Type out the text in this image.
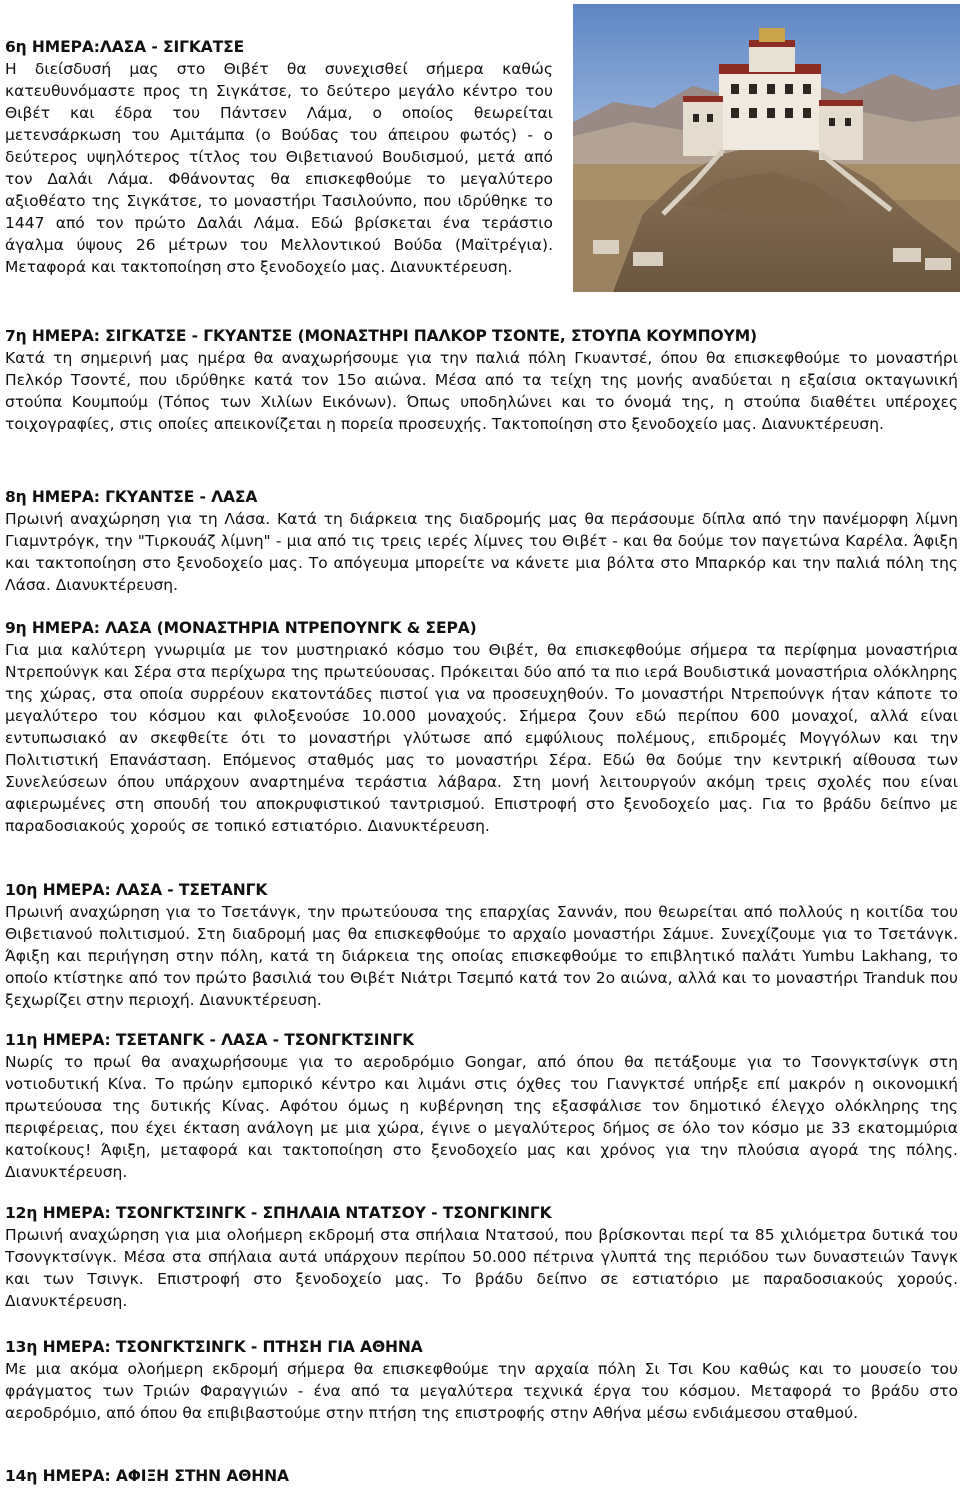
6η ΗΜΕΡΑ:ΛΑΣΑ - ΣΙΓΚΑΤΣΕ

Η διείσδυσή μας στο Θιβέτ θα συνεχισθεί σήμερα καθώς κατευθυνόμαστε προς τη Σιγκάτσε, το δεύτερο μεγάλο κέντρο του Θιβέτ και έδρα του Πάντσεν Λάμα, ο οποίος θεωρείται μετενσάρκωση του Αμιτάμπα (ο Βούδας του άπειρου φωτός) - ο δεύτερος υψηλότερος τίτλος του Θιβετιανού Βουδισμού, μετά από τον Δαλάι Λάμα. Φθάνοντας θα επισκεφθούμε το μεγαλύτερο αξιοθέατο της Σιγκάτσε, το μοναστήρι Τασιλούνπο, που ιδρύθηκε το 1447 από τον πρώτο Δαλάι Λάμα. Εδώ βρίσκεται ένα τεράστιο άγαλμα ύψους 26 μέτρων του Μελλοντικού Βούδα (Μαϊτρέγια). Μεταφορά και τακτοποίηση στο ξενοδοχείο μας. Διανυκτέρευση.

7η ΗΜΕΡΑ: ΣΙΓΚΑΤΣΕ - ΓΚΥΑΝΤΣΕ (ΜΟΝΑΣΤΗΡΙ ΠΑΛΚΟΡ ΤΣΟΝΤΕ, ΣΤΟΥΠΑ ΚΟΥΜΠΟΥΜ)

Κατά τη σημερινή μας ημέρα θα αναχωρήσουμε για την παλιά πόλη Γκυαντσέ, όπου θα επισκεφθούμε το μοναστήρι Πελκόρ Τσοντέ, που ιδρύθηκε κατά τον 15ο αιώνα. Μέσα από τα τείχη της μονής αναδύεται η εξαίσια οκταγωνική στούπα Κουμπούμ (Τόπος των Χιλίων Εικόνων). Όπως υποδηλώνει και το όνομά της, η στούπα διαθέτει υπέροχες τοιχογραφίες, στις οποίες απεικονίζεται η πορεία προσευχής. Τακτοποίηση στο ξενοδοχείο μας. Διανυκτέρευση.

8η ΗΜΕΡΑ: ΓΚΥΑΝΤΣΕ - ΛΑΣΑ

Πρωινή αναχώρηση για τη Λάσα. Κατά τη διάρκεια της διαδρομής μας θα περάσουμε δίπλα από την πανέμορφη λίμνη Γιαμντρόγκ, την "Τιρκουάζ λίμνη" - μια από τις τρεις ιερές λίμνες του Θιβέτ - και θα δούμε τον παγετώνα Καρέλα. Άφιξη και τακτοποίηση στο ξενοδοχείο μας. Το απόγευμα μπορείτε να κάνετε μια βόλτα στο Μπαρκόρ και την παλιά πόλη της Λάσα. Διανυκτέρευση.

9η ΗΜΕΡΑ: ΛΑΣΑ (ΜΟΝΑΣΤΗΡΙΑ ΝΤΡΕΠΟΥΝΓΚ & ΣΕΡΑ)

Για μια καλύτερη γνωριμία με τον μυστηριακό κόσμο του Θιβέτ, θα επισκεφθούμε σήμερα τα περίφημα μοναστήρια Ντρεπούνγκ και Σέρα στα περίχωρα της πρωτεύουσας. Πρόκειται δύο από τα πιο ιερά Βουδιστικά μοναστήρια ολόκληρης της χώρας, στα οποία συρρέουν εκατοντάδες πιστοί για να προσευχηθούν. Το μοναστήρι Ντρεπούνγκ ήταν κάποτε το μεγαλύτερο του κόσμου και φιλοξενούσε 10.000 μοναχούς. Σήμερα ζουν εδώ περίπου 600 μοναχοί, αλλά είναι εντυπωσιακό αν σκεφθείτε ότι το μοναστήρι γλύτωσε από εμφύλιους πολέμους, επιδρομές Μογγόλων και την Πολιτιστική Επανάσταση. Επόμενος σταθμός μας το μοναστήρι Σέρα. Εδώ θα δούμε την κεντρική αίθουσα των Συνελεύσεων όπου υπάρχουν αναρτημένα τεράστια λάβαρα. Στη μονή λειτουργούν ακόμη τρεις σχολές που είναι αφιερωμένες στη σπουδή του αποκρυφιστικού ταντρισμού. Επιστροφή στο ξενοδοχείο μας. Για το βράδυ δείπνο με παραδοσιακούς χορούς σε τοπικό εστιατόριο. Διανυκτέρευση.

10η ΗΜΕΡΑ: ΛΑΣΑ - ΤΣΕΤΑΝΓΚ

Πρωινή αναχώρηση για το Τσετάνγκ, την πρωτεύουσα της επαρχίας Σαννάν, που θεωρείται από πολλούς η κοιτίδα του Θιβετιανού πολιτισμού. Στη διαδρομή μας θα επισκεφθούμε το αρχαίο μοναστήρι Σάμυε. Συνεχίζουμε για το Τσετάνγκ. Άφιξη και περιήγηση στην πόλη, κατά τη διάρκεια της οποίας επισκεφθούμε το επιβλητικό παλάτι Yumbu Lakhang, το οποίο κτίστηκε από τον πρώτο βασιλιά του Θιβέτ Νιάτρι Τσεμπό κατά τον 2ο αιώνα, αλλά και το μοναστήρι Tranduk που ξεχωρίζει στην περιοχή. Διανυκτέρευση.

11η ΗΜΕΡΑ: ΤΣΕΤΑΝΓΚ - ΛΑΣΑ - ΤΣΟΝΓΚΤΣΙΝΓΚ

Νωρίς το πρωί θα αναχωρήσουμε για το αεροδρόμιο Gongar, από όπου θα πετάξουμε για το Τσονγκτσίνγκ στη νοτιοδυτική Κίνα. Το πρώην εμπορικό κέντρο και λιμάνι στις όχθες του Γιανγκτσέ υπήρξε επί μακρόν η οικονομική πρωτεύουσα της δυτικής Κίνας. Αφότου όμως η κυβέρνηση της εξασφάλισε τον δημοτικό έλεγχο ολόκληρης της περιφέρειας, που έχει έκταση ανάλογη με μια χώρα, έγινε ο μεγαλύτερος δήμος σε όλο τον κόσμο με 33 εκατομμύρια κατοίκους! Άφιξη, μεταφορά και τακτοποίηση στο ξενοδοχείο μας και χρόνος για την πλούσια αγορά της πόλης. Διανυκτέρευση.

12η ΗΜΕΡΑ: ΤΣΟΝΓΚΤΣΙΝΓΚ - ΣΠΗΛΑΙΑ ΝΤΑΤΣΟΥ - ΤΣΟΝΓΚΙΝΓΚ

Πρωινή αναχώρηση για μια ολοήμερη εκδρομή στα σπήλαια Ντατσού, που βρίσκονται περί τα 85 χιλιόμετρα δυτικά του Τσονγκτσίνγκ. Μέσα στα σπήλαια αυτά υπάρχουν περίπου 50.000 πέτρινα γλυπτά της περιόδου των δυναστειών Τανγκ και των Τσινγκ. Επιστροφή στο ξενοδοχείο μας. Το βράδυ δείπνο σε εστιατόριο με παραδοσιακούς χορούς. Διανυκτέρευση.

13η ΗΜΕΡΑ: ΤΣΟΝΓΚΤΣΙΝΓΚ - ΠΤΗΣΗ ΓΙΑ ΑΘΗΝΑ

Με μια ακόμα ολοήμερη εκδρομή σήμερα θα επισκεφθούμε την αρχαία πόλη Σι Τσι Κου καθώς και το μουσείο του φράγματος των Τριών Φαραγγιών - ένα από τα μεγαλύτερα τεχνικά έργα του κόσμου. Μεταφορά το βράδυ στο αεροδρόμιο, από όπου θα επιβιβαστούμε στην πτήση της επιστροφής στην Αθήνα μέσω ενδιάμεσου σταθμού.

14η ΗΜΕΡΑ: ΑΦΙΞΗ ΣΤΗΝ ΑΘΗΝΑ
